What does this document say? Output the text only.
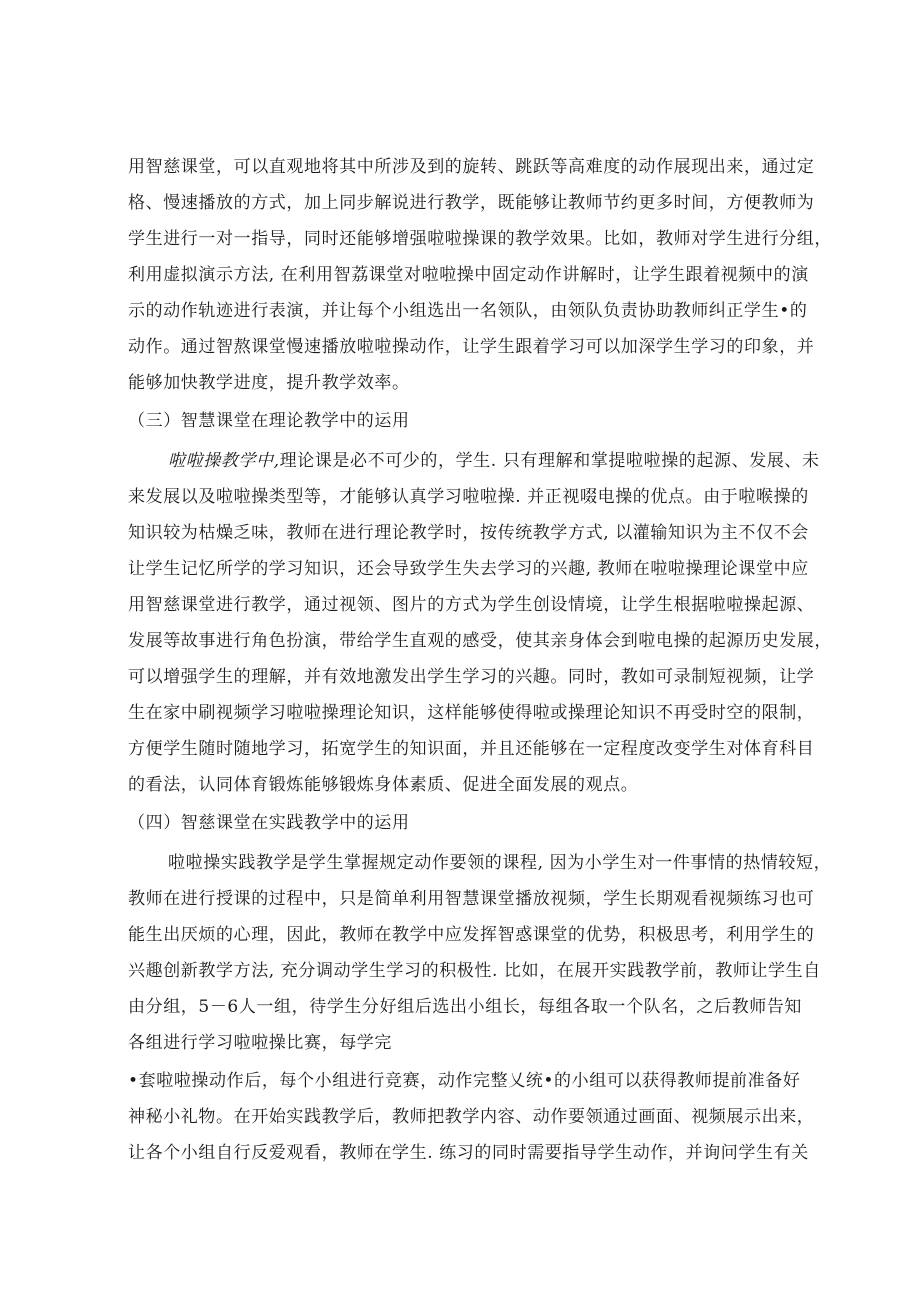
用智慈课堂，可以直观地将其中所涉及到的旋转、跳跃等高难度的动作展现出来，通过定
格、慢速播放的方式，加上同步解说进行教学，既能够让教师节约更多时间，方便教师为
学生进行一对一指导，同时还能够增强啦啦操课的教学效果。比如，教师对学生进行分组，
利用虚拟演示方法, 在利用智荔课堂对啦啦操中固定动作讲解时，让学生跟着视频中的演
示的动作轨迹进行表演，并让每个小组选出一名领队，由领队负责协助教师纠正学生•的
动作。通过智熬课堂慢速播放啦啦操动作，让学生跟着学习可以加深学生学习的印象，并
能够加快教学进度，提升教学效率。
（三）智慧课堂在理论教学中的运用
啦啦操教学中,理论课是必不可少的，学生. 只有理解和掌提啦啦操的起源、发展、未
来发展以及啦啦操类型等，才能够认真学习啦啦操. 并正视啜电操的优点。由于啦喉操的
知识较为枯燥乏味，教师在进行理论教学时，按传统教学方式, 以灌输知识为主不仅不会
让学生记忆所学的学习知识，还会导致学生失去学习的兴趣, 教师在啦啦操理论课堂中应
用智慈课堂进行教学，通过视领、图片的方式为学生创设情境，让学生根据啦啦操起源、
发展等故事进行角色扮演，带给学生直观的感受，使其亲身体会到啦电操的起源历史发展，
可以增强学生的理解，并有效地激发出学生学习的兴趣。同时，教如可录制短视频，让学
生在家中刷视频学习啦啦操理论知识，这样能够使得啦或操理论知识不再受时空的限制，
方便学生随时随地学习，拓宽学生的知识面，并且还能够在一定程度改变学生对体育科目
的看法，认同体育锻炼能够锻炼身体素质、促进全面发展的观点。
（四）智慈课堂在实践教学中的运用
啦啦操实践教学是学生掌握规定动作要领的课程, 因为小学生对一件事情的热情较短，
教师在进行授课的过程中，只是简单利用智慧课堂播放视频，学生长期观看视频练习也可
能生出厌烦的心理，因此，教师在教学中应发挥智惑课堂的优势，积极思考，利用学生的
兴趣创新教学方法, 充分调动学生学习的积极性. 比如，在展开实践教学前，教师让学生自
由分组，5－6人一组，待学生分好组后选出小组长，每组各取一个队名，之后教师告知
各组进行学习啦啦操比赛，每学完
•套啦啦操动作后，每个小组进行竞赛，动作完整乂统•的小组可以获得教师提前准备好
神秘小礼物。在开始实践教学后，教师把教学内容、动作要领通过画面、视频展示出来，
让各个小组自行反爱观看，教师在学生. 练习的同时需要指导学生动作，并询问学生有关
